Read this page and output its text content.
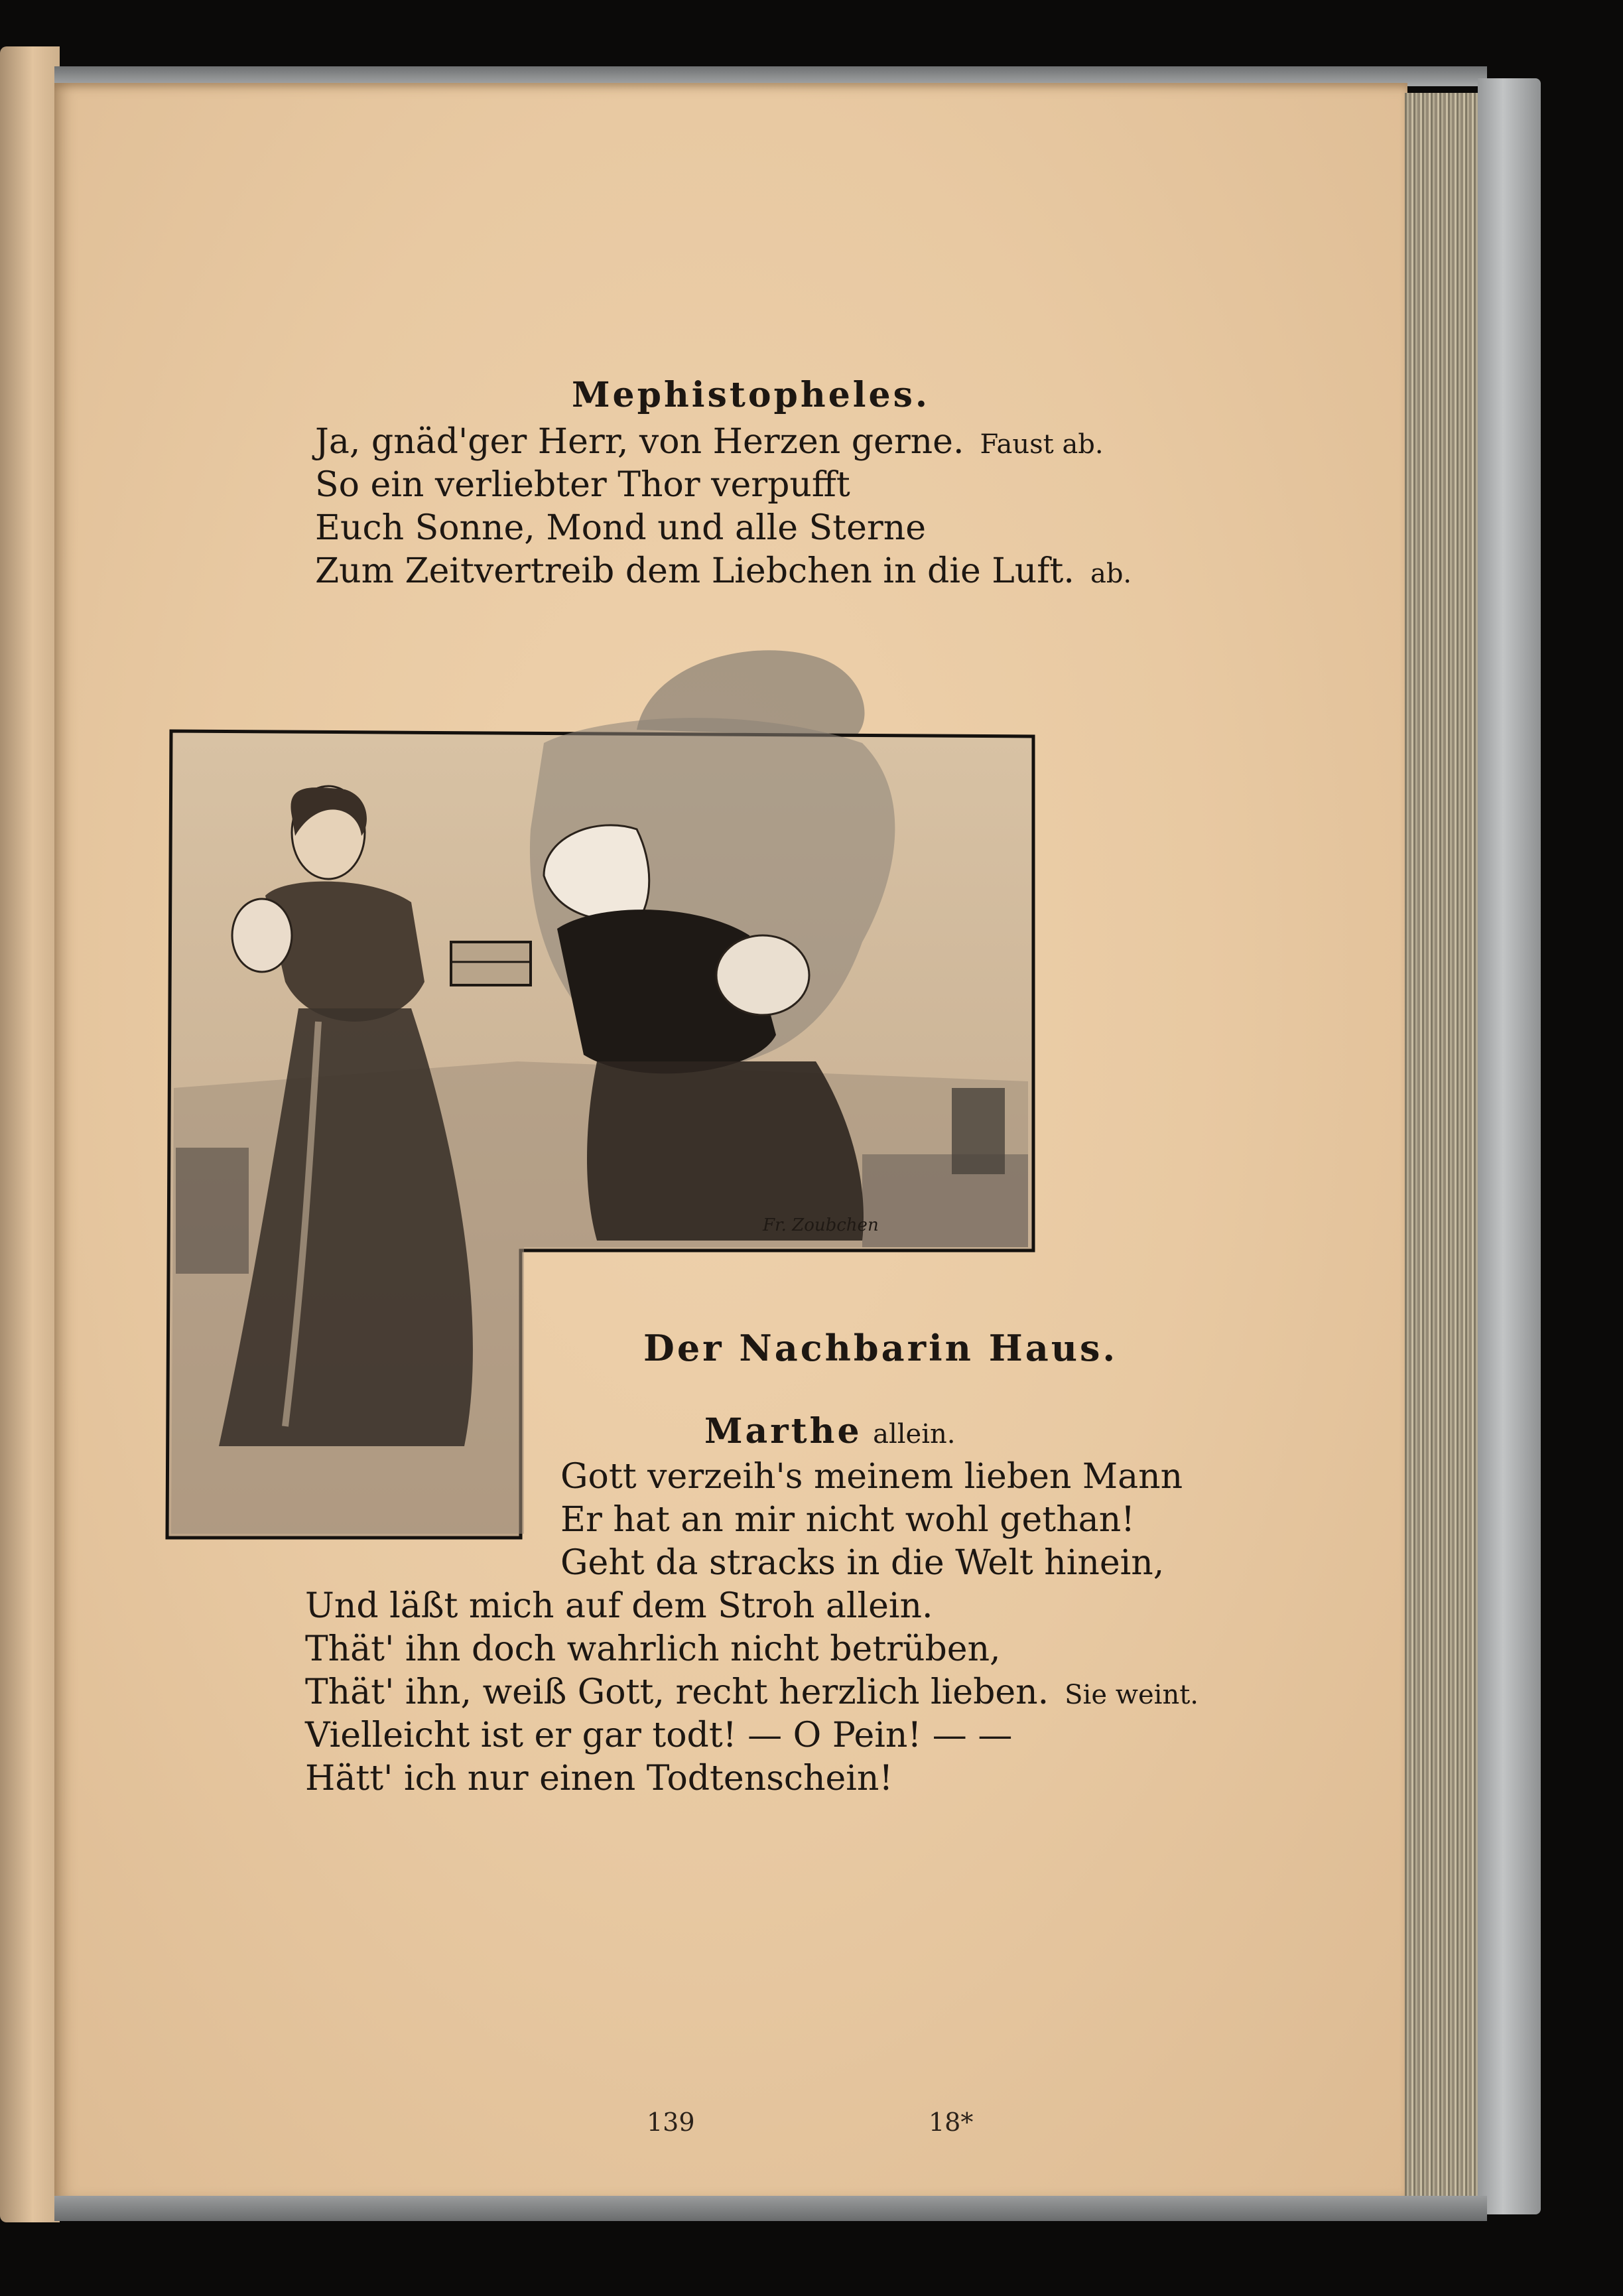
Mephistopheles.
Ja, gnäd'ger Herr, von Herzen gerne. Faust ab.
So ein verliebter Thor verpufft
Euch Sonne, Mond und alle Sterne
Zum Zeitvertreib dem Liebchen in die Luft. ab.
Fr. Zoubchen
Der Nachbarin Haus.
Marthe allein.
Gott verzeih's meinem lieben Mann
Er hat an mir nicht wohl gethan!
Geht da stracks in die Welt hinein,
Und läßt mich auf dem Stroh allein.
Thät' ihn doch wahrlich nicht betrüben,
Thät' ihn, weiß Gott, recht herzlich lieben. Sie weint.
Vielleicht ist er gar todt! — O Pein! — —
Hätt' ich nur einen Todtenschein!
139	18*
